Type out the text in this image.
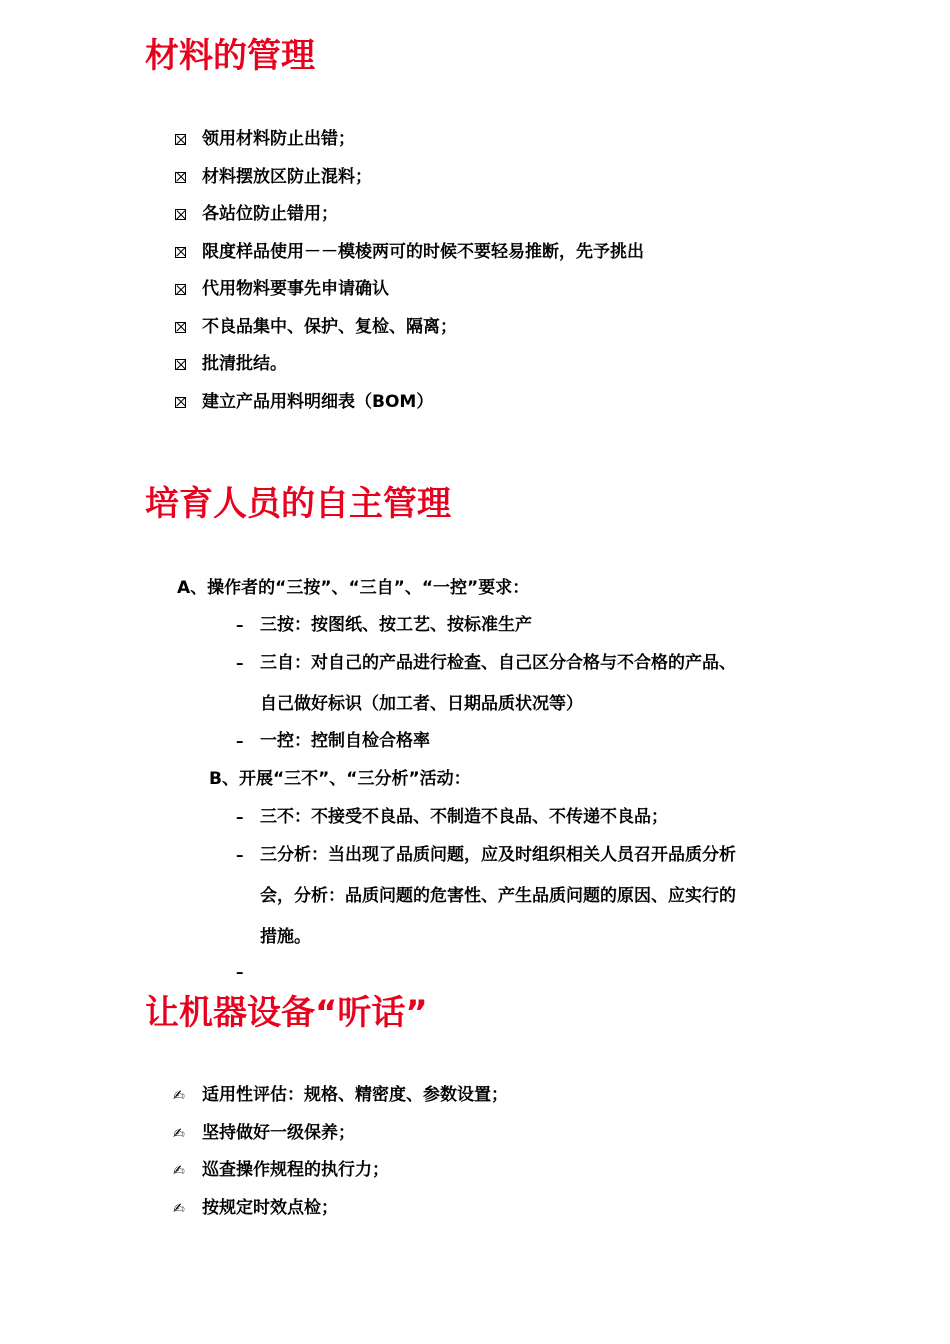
材料的管理
领用材料防止出错；
材料摆放区防止混料；
各站位防止错用；
限度样品使用－－模棱两可的时候不要轻易推断，先予挑出
代用物料要事先申请确认
不良品集中、保护、复检、隔离；
批清批结。
建立产品用料明细表（BOM）
培育人员的自主管理
A、操作者的“三按”、“三自”、“一控”要求：
– 三按：按图纸、按工艺、按标准生产
– 三自：对自己的产品进行检查、自己区分合格与不合格的产品、
自己做好标识（加工者、日期品质状况等）
– 一控：控制自检合格率
B、开展“三不”、“三分析”活动：
– 三不：不接受不良品、不制造不良品、不传递不良品；
– 三分析：当出现了品质问题，应及时组织相关人员召开品质分析
会，分析：品质问题的危害性、产生品质问题的原因、应实行的
措施。
–
让机器设备“听话”
✍ 适用性评估：规格、精密度、参数设置；
✍ 坚持做好一级保养；
✍ 巡查操作规程的执行力；
✍ 按规定时效点检；
